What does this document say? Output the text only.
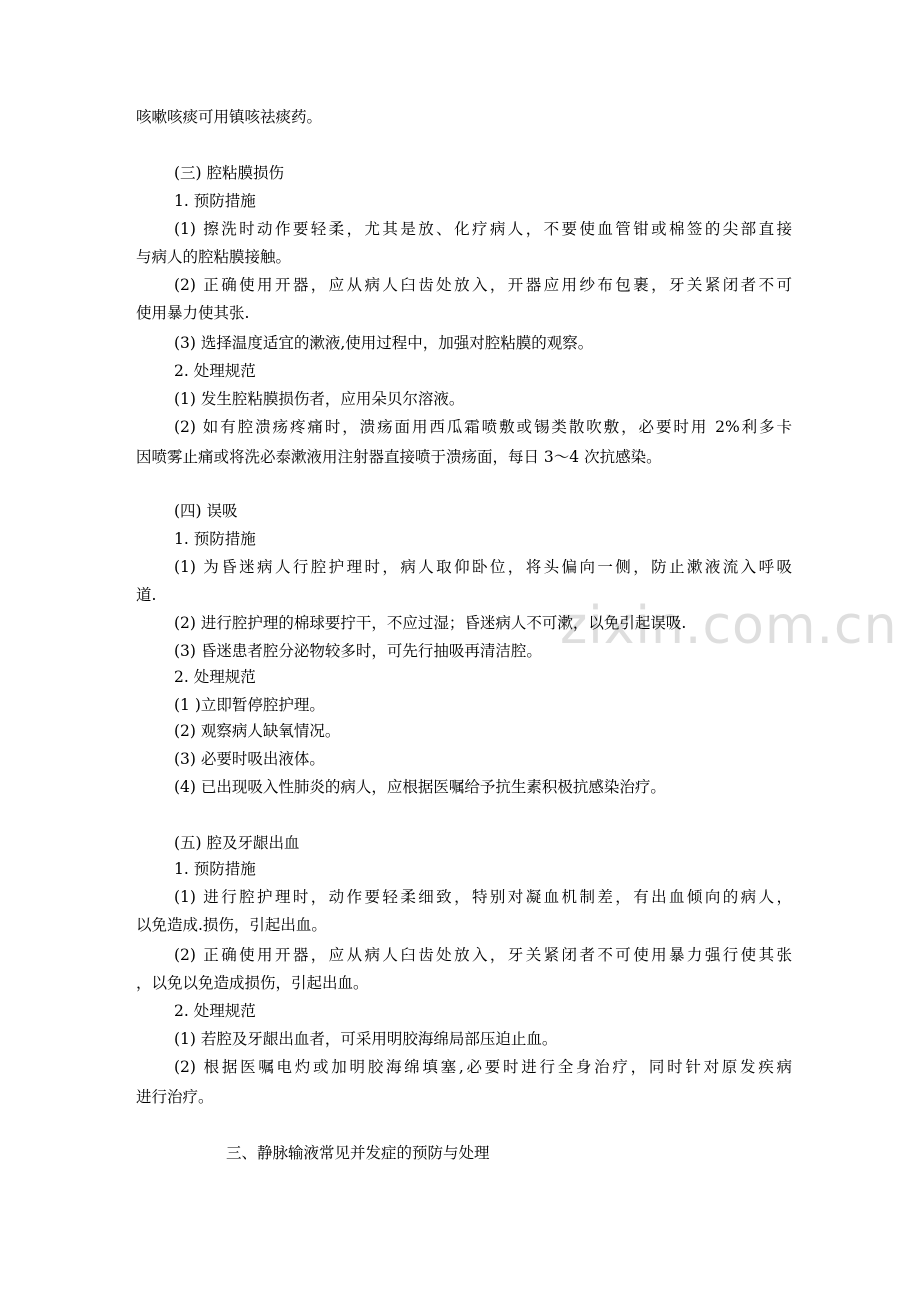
zixin.com.cn
咳嗽咳痰可用镇咳祛痰药。
(三) 腔粘膜损伤
1. 预防措施
(1) 擦洗时动作要轻柔，尤其是放、化疗病人，不要使血管钳或棉签的尖部直接
与病人的腔粘膜接触。
(2) 正确使用开器，应从病人臼齿处放入，开器应用纱布包裹，牙关紧闭者不可
使用暴力使其张.
(3) 选择温度适宜的漱液,使用过程中，加强对腔粘膜的观察。
2. 处理规范
(1) 发生腔粘膜损伤者，应用朵贝尔溶液。
(2) 如有腔溃疡疼痛时，溃疡面用西瓜霜喷敷或锡类散吹敷，必要时用 2%利多卡
因喷雾止痛或将洗必泰漱液用注射器直接喷于溃疡面，每日 3～4 次抗感染。
(四) 误吸
1. 预防措施
(1) 为昏迷病人行腔护理时，病人取仰卧位，将头偏向一侧，防止漱液流入呼吸
道.
(2) 进行腔护理的棉球要拧干，不应过湿；昏迷病人不可漱，以免引起误吸.
(3) 昏迷患者腔分泌物较多时，可先行抽吸再清洁腔。
2. 处理规范
(1 )立即暂停腔护理。
(2) 观察病人缺氧情况。
(3) 必要时吸出液体。
(4) 已出现吸入性肺炎的病人，应根据医嘱给予抗生素积极抗感染治疗。
(五) 腔及牙龈出血
1. 预防措施
(1) 进行腔护理时，动作要轻柔细致，特别对凝血机制差，有出血倾向的病人，
以免造成.损伤，引起出血。
(2) 正确使用开器，应从病人臼齿处放入，牙关紧闭者不可使用暴力强行使其张
，以免以免造成损伤，引起出血。
2. 处理规范
(1) 若腔及牙龈出血者，可采用明胶海绵局部压迫止血。
(2) 根据医嘱电灼或加明胶海绵填塞,必要时进行全身治疗，同时针对原发疾病
进行治疗。
三、静脉输液常见并发症的预防与处理
